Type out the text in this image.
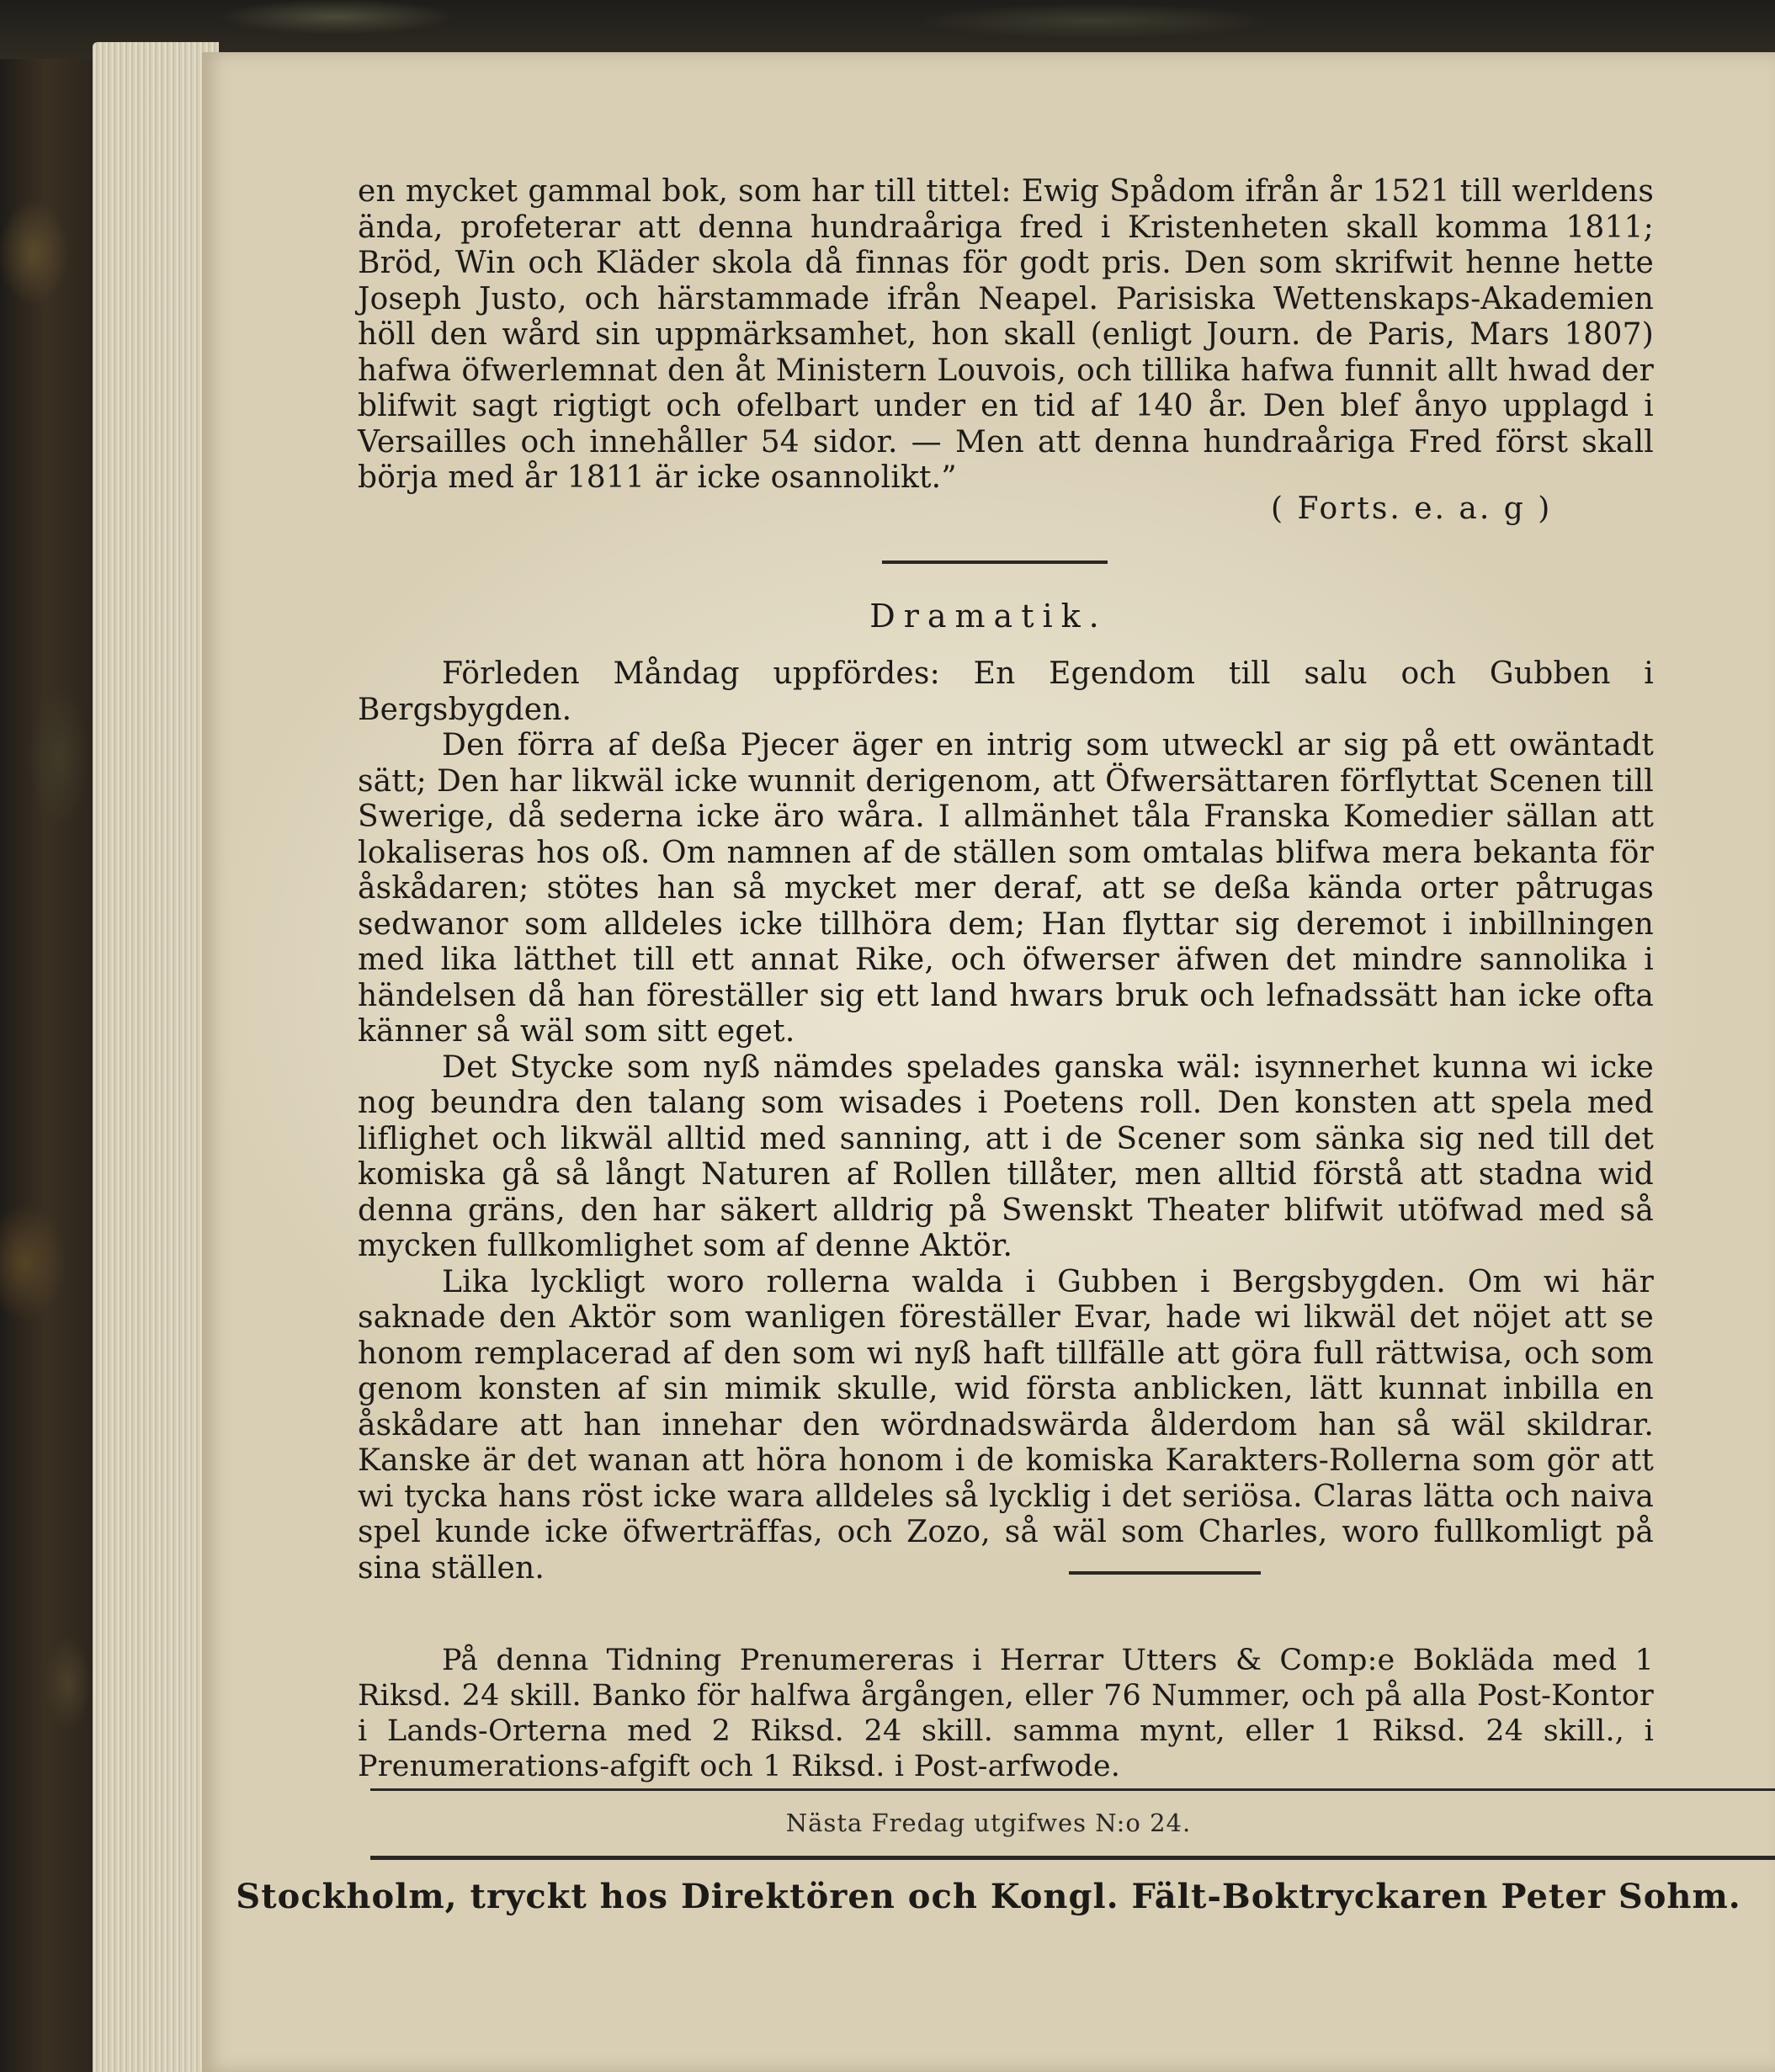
en mycket gammal bok, som har till tittel: Ewig Spådom ifrån år 1521 till werldens ända, profeterar att denna hundraåriga fred i Kristenheten skall komma 1811; Bröd, Win och Kläder skola då finnas för godt pris. Den som skrifwit henne hette Joseph Justo, och härstammade ifrån Neapel. Parisiska Wettenskaps-Akademien höll den wård sin uppmärksamhet, hon skall (enligt Journ. de Paris, Mars 1807) hafwa öfwerlemnat den åt Ministern Louvois, och tillika hafwa funnit allt hwad der blifwit sagt rigtigt och ofelbart under en tid af 140 år. Den blef ånyo upplagd i Versailles och innehåller 54 sidor. — Men att denna hundraåriga Fred först skall börja med år 1811 är icke osannolikt.”

( Forts. e. a. g )
Dramatik.

Förleden Måndag uppfördes: En Egendom till salu och Gubben i Bergsbygden.

Den förra af deßa Pjecer äger en intrig som utweckl ar sig på ett owäntadt sätt; Den har likwäl icke wunnit derigenom, att Öfwersättaren förflyttat Scenen till Swerige, då sederna icke äro wåra. I allmänhet tåla Franska Komedier sällan att lokaliseras hos oß. Om namnen af de ställen som omtalas blifwa mera bekanta för åskådaren; stötes han så mycket mer deraf, att se deßa kända orter påtrugas sedwanor som alldeles icke tillhöra dem; Han flyttar sig deremot i inbillningen med lika lätthet till ett annat Rike, och öfwerser äfwen det mindre sannolika i händelsen då han föreställer sig ett land hwars bruk och lefnadssätt han icke ofta känner så wäl som sitt eget.

Det Stycke som nyß nämdes spelades ganska wäl: isynnerhet kunna wi icke nog beundra den talang som wisades i Poetens roll. Den konsten att spela med liflighet och likwäl alltid med sanning, att i de Scener som sänka sig ned till det komiska gå så långt Naturen af Rollen tillåter, men alltid förstå att stadna wid denna gräns, den har säkert alldrig på Swenskt Theater blifwit utöfwad med så mycken fullkomlighet som af denne Aktör.

Lika lyckligt woro rollerna walda i Gubben i Bergsbygden. Om wi här saknade den Aktör som wanligen föreställer Evar, hade wi likwäl det nöjet att se honom remplacerad af den som wi nyß haft tillfälle att göra full rättwisa, och som genom konsten af sin mimik skulle, wid första anblicken, lätt kunnat inbilla en åskådare att han innehar den wördnadswärda ålderdom han så wäl skildrar. Kanske är det wanan att höra honom i de komiska Karakters-Rollerna som gör att wi tycka hans röst icke wara alldeles så lycklig i det seriösa. Claras lätta och naiva spel kunde icke öfwerträffas, och Zozo, så wäl som Charles, woro fullkomligt på sina ställen.

På denna Tidning Prenumereras i Herrar Utters & Comp:e Bokläda med 1 Riksd. 24 skill. Banko för halfwa årgången, eller 76 Nummer, och på alla Post-Kontor i Lands-Orterna med 2 Riksd. 24 skill. samma mynt, eller 1 Riksd. 24 skill., i Prenumerations-afgift och 1 Riksd. i Post-arfwode.

Nästa Fredag utgifwes N:o 24.
Stockholm, tryckt hos Direktören och Kongl. Fält-Boktryckaren Peter Sohm.
